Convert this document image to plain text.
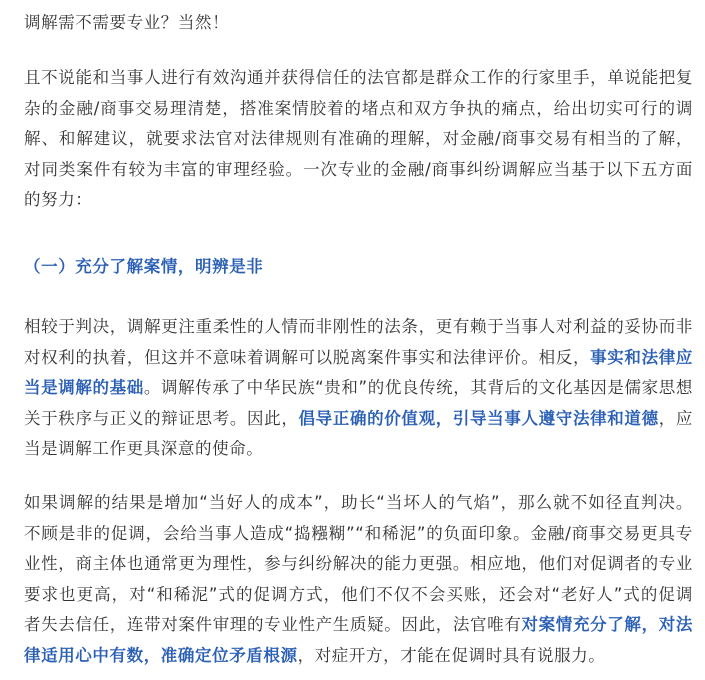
调解需不需要专业？当然！

且不说能和当事人进行有效沟通并获得信任的法官都是群众工作的行家里手，单说能把复杂的金融/商事交易理清楚，搭准案情胶着的堵点和双方争执的痛点，给出切实可行的调解、和解建议，就要求法官对法律规则有准确的理解，对金融/商事交易有相当的了解，对同类案件有较为丰富的审理经验。一次专业的金融/商事纠纷调解应当基于以下五方面的努力：

（一）充分了解案情，明辨是非

相较于判决，调解更注重柔性的人情而非刚性的法条，更有赖于当事人对利益的妥协而非对权利的执着，但这并不意味着调解可以脱离案件事实和法律评价。相反，事实和法律应当是调解的基础。调解传承了中华民族“贵和”的优良传统，其背后的文化基因是儒家思想关于秩序与正义的辩证思考。因此，倡导正确的价值观，引导当事人遵守法律和道德，应当是调解工作更具深意的使命。

如果调解的结果是增加“当好人的成本”，助长“当坏人的气焰”，那么就不如径直判决。不顾是非的促调，会给当事人造成“捣糨糊”“和稀泥”的负面印象。金融/商事交易更具专业性，商主体也通常更为理性，参与纠纷解决的能力更强。相应地，他们对促调者的专业要求也更高，对“和稀泥”式的促调方式，他们不仅不会买账，还会对“老好人”式的促调者失去信任，连带对案件审理的专业性产生质疑。因此，法官唯有对案情充分了解，对法律适用心中有数，准确定位矛盾根源，对症开方，才能在促调时具有说服力。
